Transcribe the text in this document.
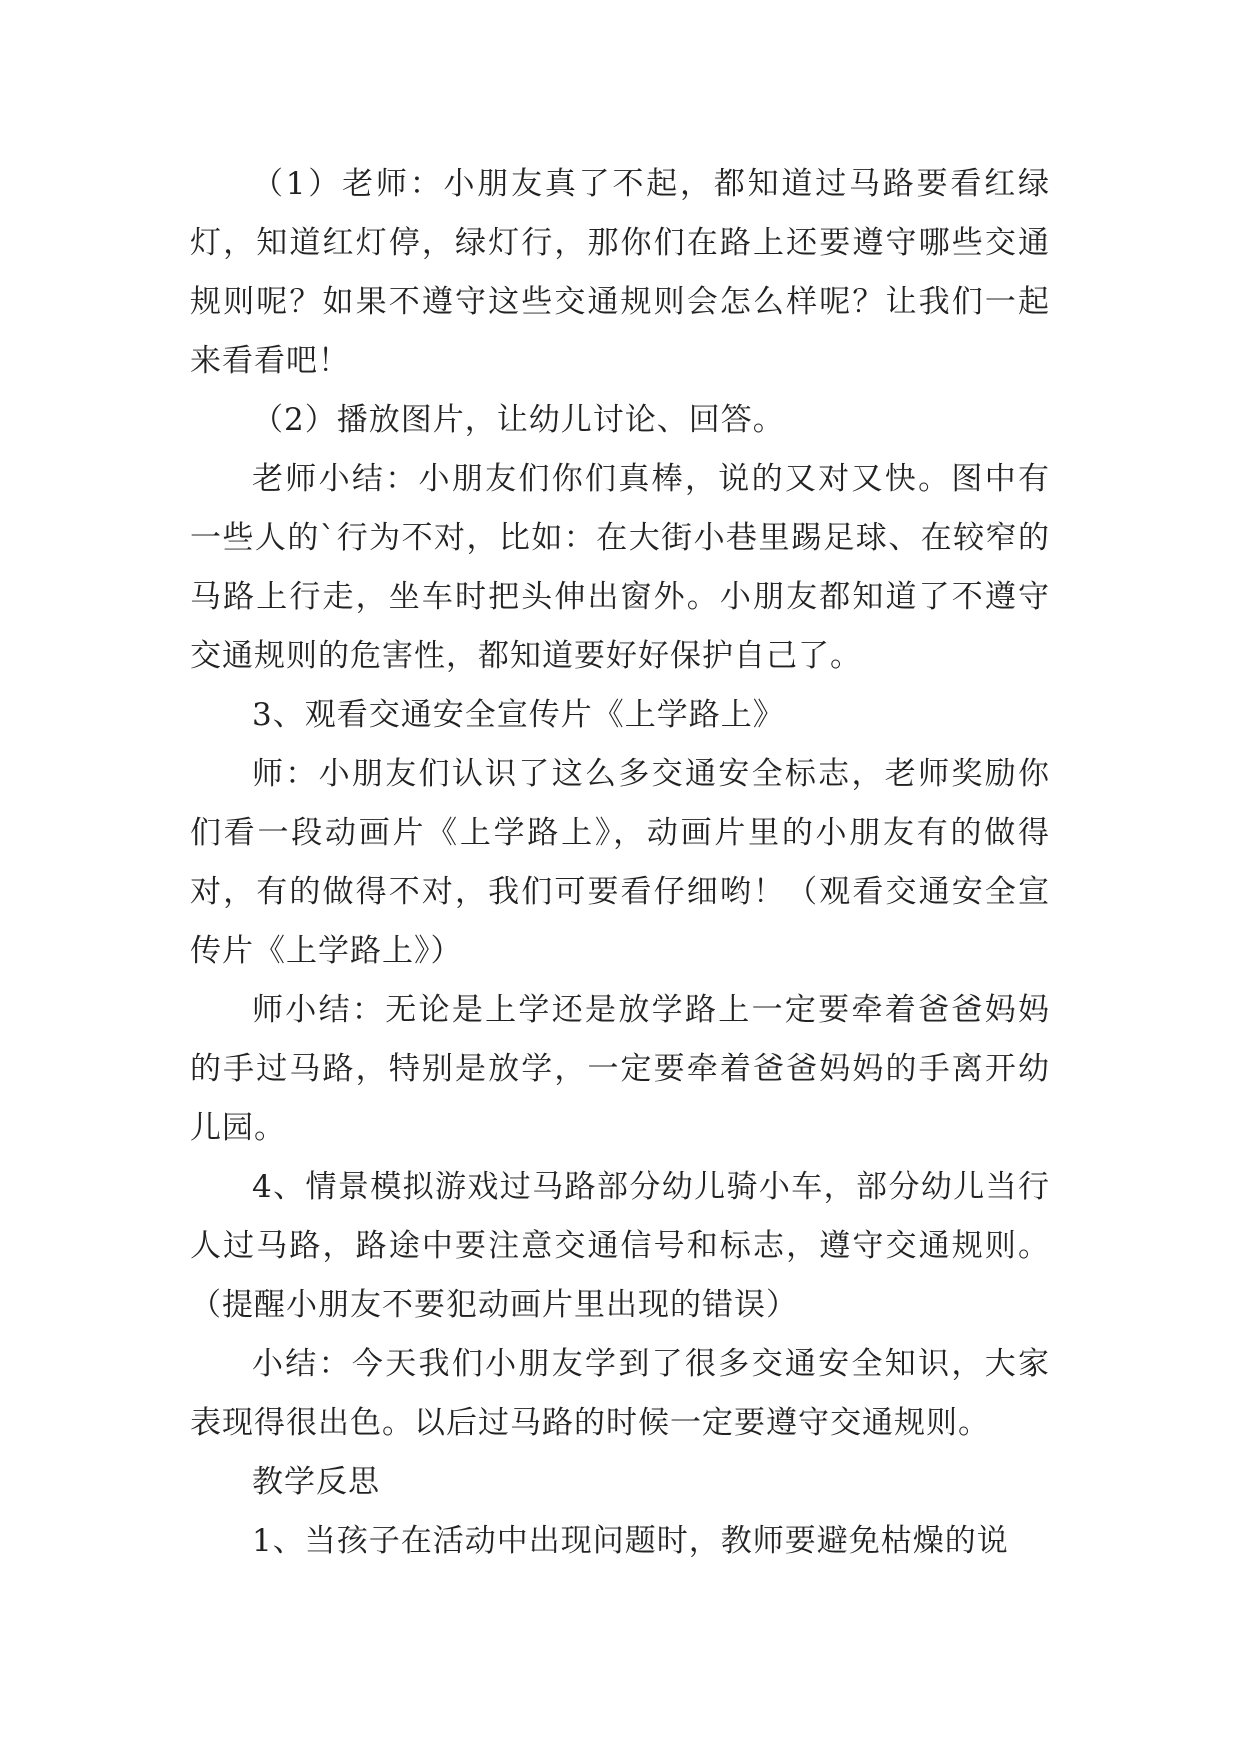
（1）老师：小朋友真了不起，都知道过马路要看红绿灯，知道红灯停，绿灯行，那你们在路上还要遵守哪些交通规则呢？如果不遵守这些交通规则会怎么样呢？让我们一起来看看吧！

（2）播放图片，让幼儿讨论、回答。

老师小结：小朋友们你们真棒，说的又对又快。图中有一些人的`行为不对，比如：在大街小巷里踢足球、在较窄的马路上行走，坐车时把头伸出窗外。小朋友都知道了不遵守交通规则的危害性，都知道要好好保护自己了。

3、观看交通安全宣传片《上学路上》

师：小朋友们认识了这么多交通安全标志，老师奖励你们看一段动画片《上学路上》，动画片里的小朋友有的做得对，有的做得不对，我们可要看仔细哟！（观看交通安全宣传片《上学路上》）

师小结：无论是上学还是放学路上一定要牵着爸爸妈妈的手过马路，特别是放学，一定要牵着爸爸妈妈的手离开幼儿园。

4、情景模拟游戏过马路部分幼儿骑小车，部分幼儿当行人过马路，路途中要注意交通信号和标志，遵守交通规则。（提醒小朋友不要犯动画片里出现的错误）

小结：今天我们小朋友学到了很多交通安全知识，大家表现得很出色。以后过马路的时候一定要遵守交通规则。

教学反思

1、当孩子在活动中出现问题时，教师要避免枯燥的说
